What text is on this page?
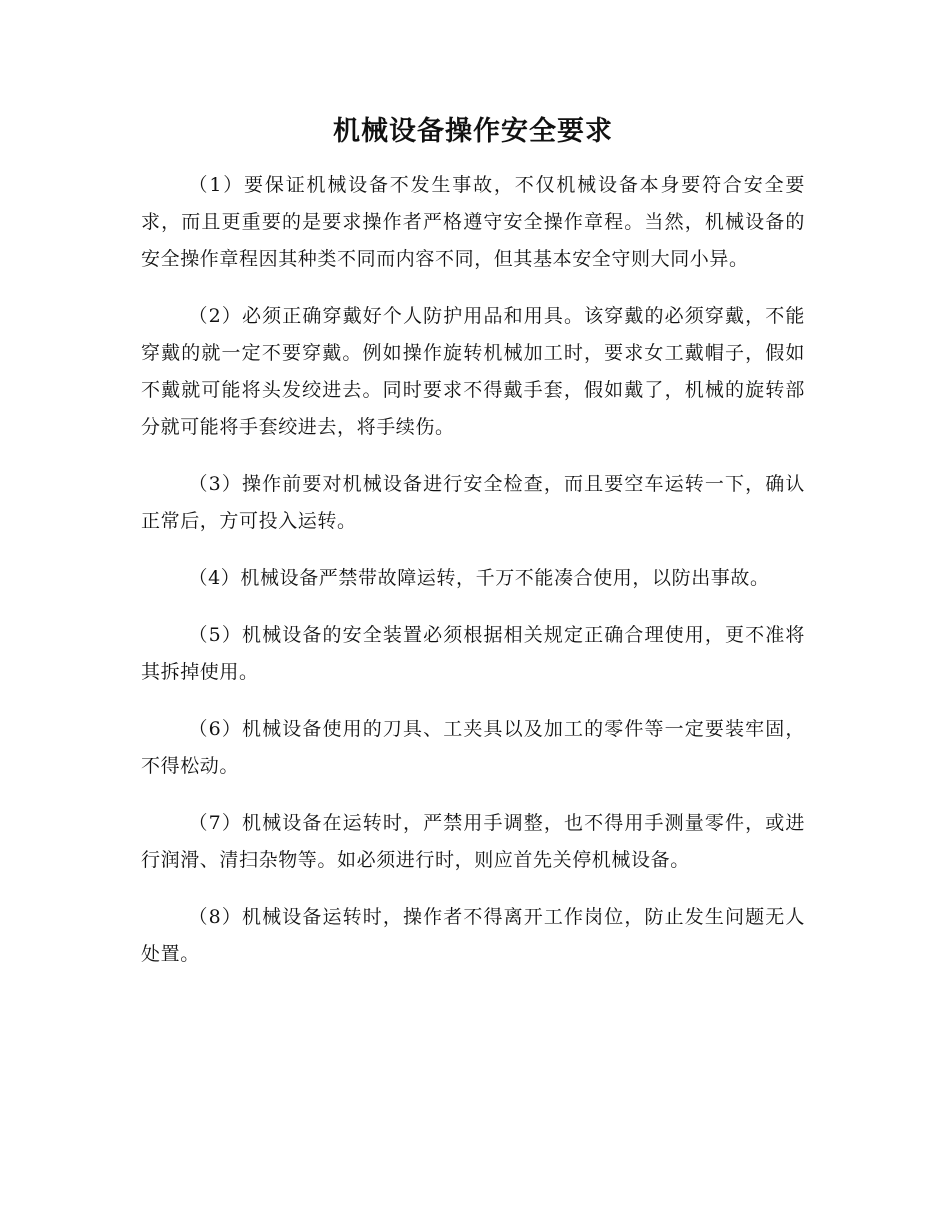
机械设备操作安全要求

（1）要保证机械设备不发生事故，不仅机械设备本身要符合安全要求，而且更重要的是要求操作者严格遵守安全操作章程。当然，机械设备的安全操作章程因其种类不同而内容不同，但其基本安全守则大同小异。

（2）必须正确穿戴好个人防护用品和用具。该穿戴的必须穿戴，不能穿戴的就一定不要穿戴。例如操作旋转机械加工时，要求女工戴帽子，假如不戴就可能将头发绞进去。同时要求不得戴手套，假如戴了，机械的旋转部分就可能将手套绞进去，将手续伤。

（3）操作前要对机械设备进行安全检查，而且要空车运转一下，确认正常后，方可投入运转。

（4）机械设备严禁带故障运转，千万不能凑合使用，以防出事故。

（5）机械设备的安全装置必须根据相关规定正确合理使用，更不准将其拆掉使用。

（6）机械设备使用的刀具、工夹具以及加工的零件等一定要装牢固，不得松动。

（7）机械设备在运转时，严禁用手调整，也不得用手测量零件，或进行润滑、清扫杂物等。如必须进行时，则应首先关停机械设备。

（8）机械设备运转时，操作者不得离开工作岗位，防止发生问题无人处置。
